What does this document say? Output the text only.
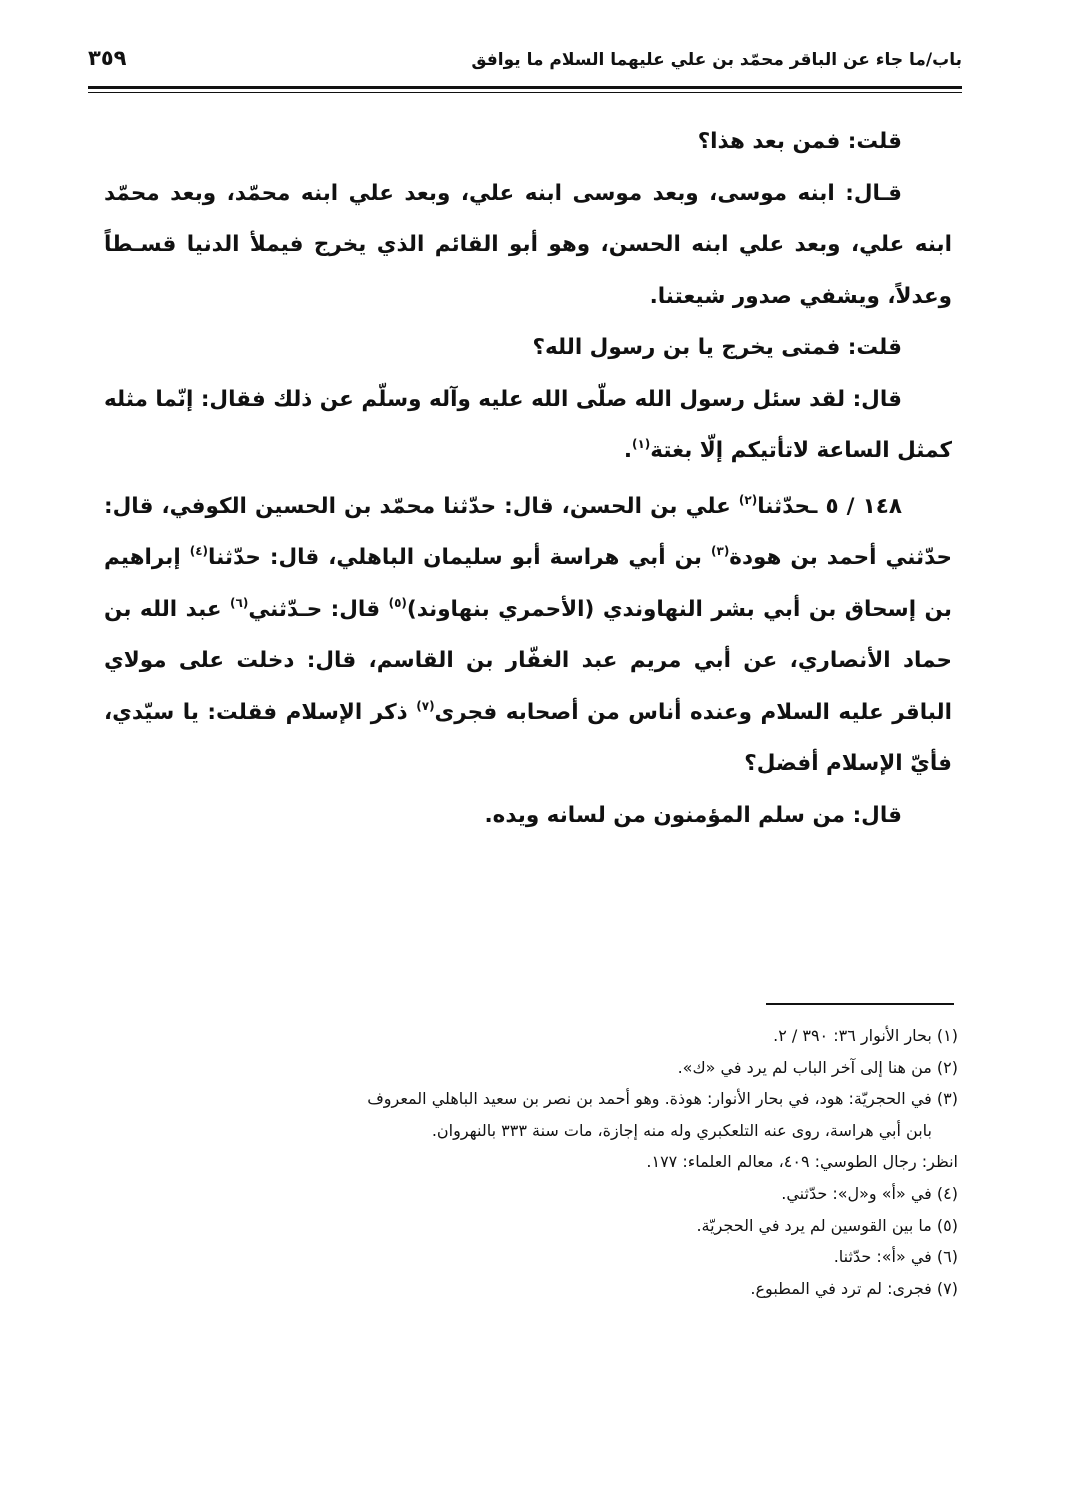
باب/ما جاء عن الباقر محمّد بن علي عليهما السلام ما يوافق
٣٥٩

قلت: فمن بعد هذا؟

قـال: ابنه موسى، وبعد موسى ابنه علي، وبعد علي ابنه محمّد، وبعد محمّد ابنه علي، وبعد علي ابنه الحسن، وهو أبو القائم الذي يخرج فيملأ الدنيا قسـطاً وعدلاً، ويشفي صدور شيعتنا.

قلت: فمتى يخرج يا بن رسول الله؟

قال: لقد سئل رسول الله صلّى الله عليه وآله وسلّم عن ذلك فقال: إنّما مثله كمثل الساعة لاتأتيكم إلّا بغتة$^{(١)}$.

١٤٨ / ٥ ـحدّثنا$^{(٢)}$ علي بن الحسن، قال: حدّثنا محمّد بن الحسين الكوفي، قال: حدّثني أحمد بن هودة$^{(٣)}$ بن أبي هراسة أبو سليمان الباهلي، قال: حدّثنا$^{(٤)}$ إبراهيم بن إسحاق بن أبي بشر النهاوندي (الأحمري بنهاوند)$^{(٥)}$ قال: حـدّثني$^{(٦)}$ عبد الله بن حماد الأنصاري، عن أبي مريم عبد الغفّار بن القاسم، قال: دخلت على مولاي الباقر عليه السلام وعنده أناس من أصحابه فجرى$^{(٧)}$ ذكر الإسلام فقلت: يا سيّدي، فأيّ الإسلام أفضل؟

قال: من سلم المؤمنون من لسانه ويده.

(١) بحار الأنوار ٣٦: ٣٩٠ / ٢.

(٢) من هنا إلى آخر الباب لم يرد في «ك».

(٣) في الحجريّة: هود، في بحار الأنوار: هوذة. وهو أحمد بن نصر بن سعيد الباهلي المعروف

بابن أبي هراسة، روى عنه التلعكبري وله منه إجازة، مات سنة ٣٣٣ بالنهروان.

انظر: رجال الطوسي: ٤٠٩، معالم العلماء: ١٧٧.

(٤) في «أ» و«ل»: حدّثني.

(٥) ما بين القوسين لم يرد في الحجريّة.

(٦) في «أ»: حدّثنا.

(٧) فجرى: لم ترد في المطبوع.
